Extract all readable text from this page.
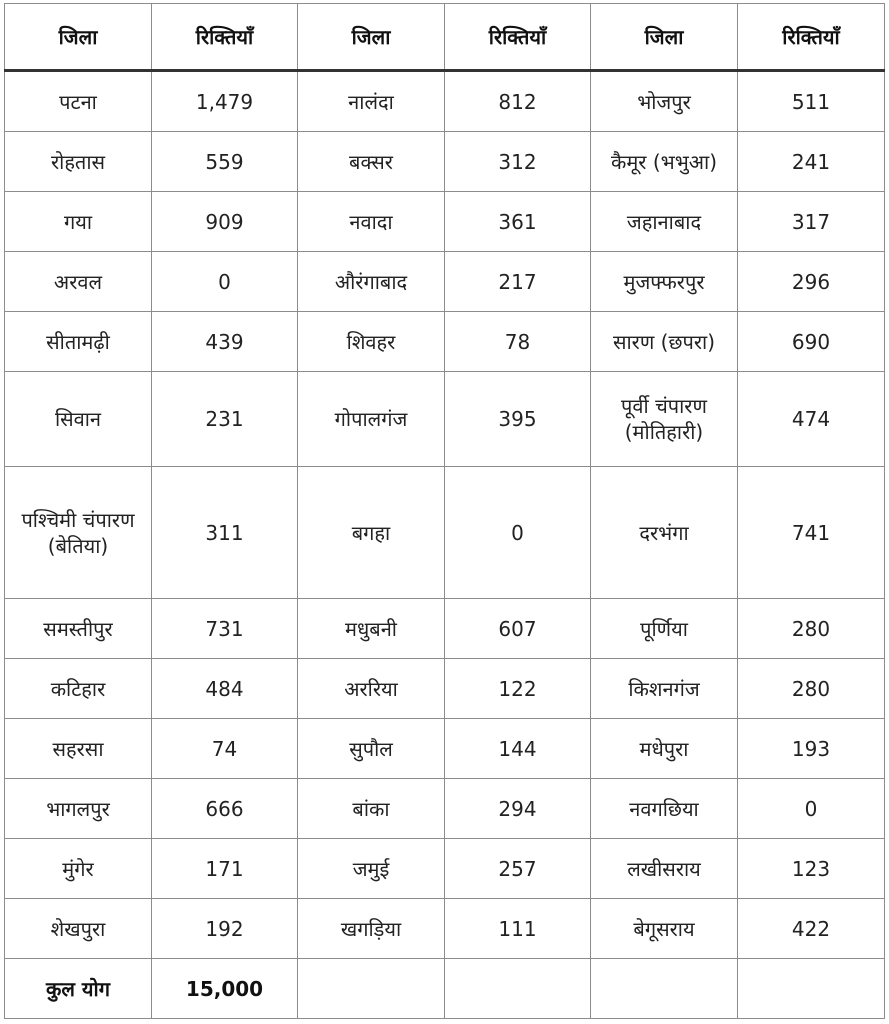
जिला	रिक्तियाँ	जिला	रिक्तियाँ	जिला	रिक्तियाँ
पटना	1,479	नालंदा	812	भोजपुर	511
रोहतास	559	बक्सर	312	कैमूर (भभुआ)	241
गया	909	नवादा	361	जहानाबाद	317
अरवल	0	औरंगाबाद	217	मुजफ्फरपुर	296
सीतामढ़ी	439	शिवहर	78	सारण (छपरा)	690
सिवान	231	गोपालगंज	395	पूर्वी चंपारण (मोतिहारी)	474
पश्चिमी चंपारण (बेतिया)	311	बगहा	0	दरभंगा	741
समस्तीपुर	731	मधुबनी	607	पूर्णिया	280
कटिहार	484	अररिया	122	किशनगंज	280
सहरसा	74	सुपौल	144	मधेपुरा	193
भागलपुर	666	बांका	294	नवगछिया	0
मुंगेर	171	जमुई	257	लखीसराय	123
शेखपुरा	192	खगड़िया	111	बेगूसराय	422
कुल योग	15,000				
